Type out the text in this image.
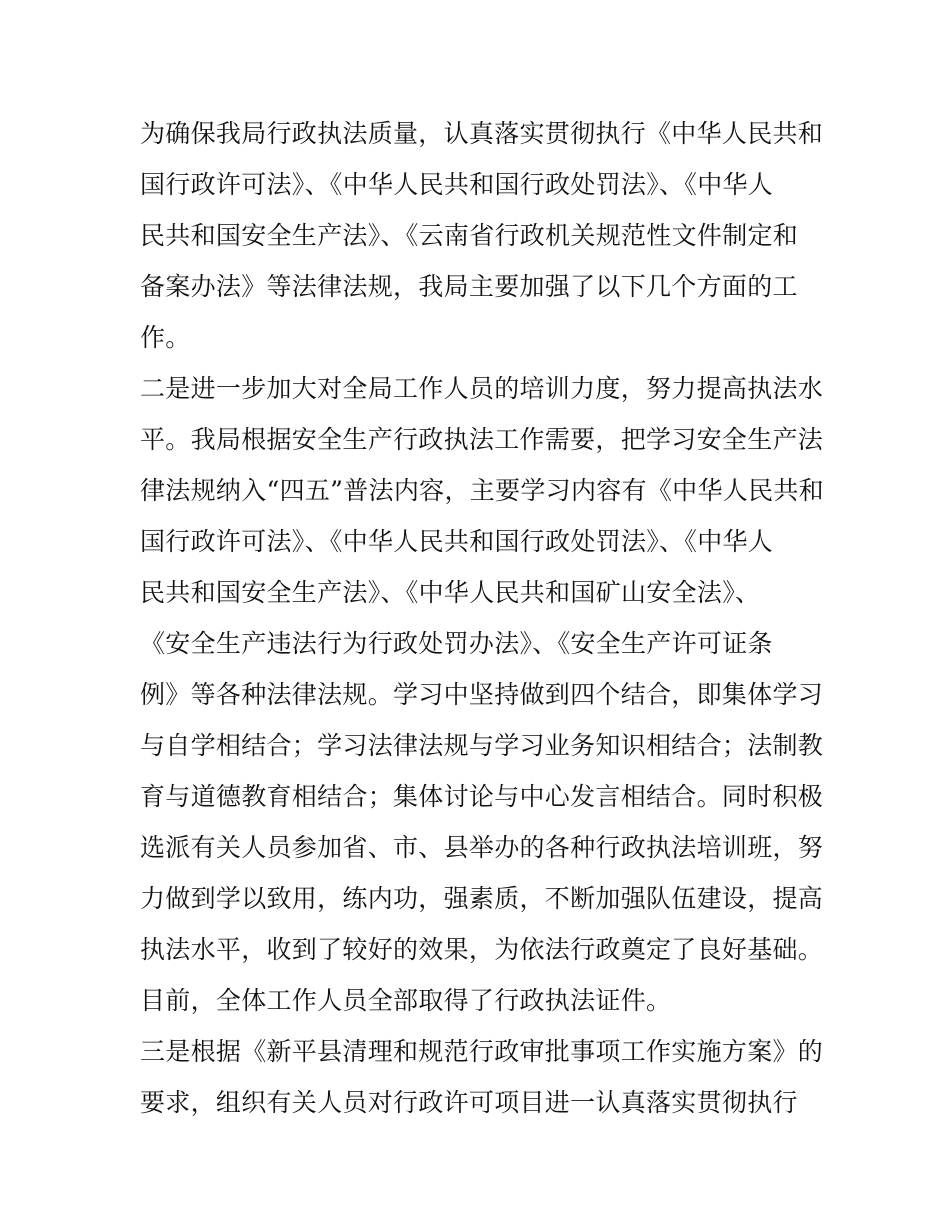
为确保我局行政执法质量，认真落实贯彻执行《中华人民共和
国行政许可法》、《中华人民共和国行政处罚法》、《中华人
民共和国安全生产法》、《云南省行政机关规范性文件制定和
备案办法》等法律法规，我局主要加强了以下几个方面的工
作。
二是进一步加大对全局工作人员的培训力度，努力提高执法水
平。我局根据安全生产行政执法工作需要，把学习安全生产法
律法规纳入“四五”普法内容，主要学习内容有《中华人民共和
国行政许可法》、《中华人民共和国行政处罚法》、《中华人
民共和国安全生产法》、《中华人民共和国矿山安全法》、
《安全生产违法行为行政处罚办法》、《安全生产许可证条
例》等各种法律法规。学习中坚持做到四个结合，即集体学习
与自学相结合；学习法律法规与学习业务知识相结合；法制教
育与道德教育相结合；集体讨论与中心发言相结合。同时积极
选派有关人员参加省、市、县举办的各种行政执法培训班，努
力做到学以致用，练内功，强素质，不断加强队伍建设，提高
执法水平，收到了较好的效果，为依法行政奠定了良好基础。
目前，全体工作人员全部取得了行政执法证件。
三是根据《新平县清理和规范行政审批事项工作实施方案》的
要求，组织有关人员对行政许可项目进一认真落实贯彻执行
